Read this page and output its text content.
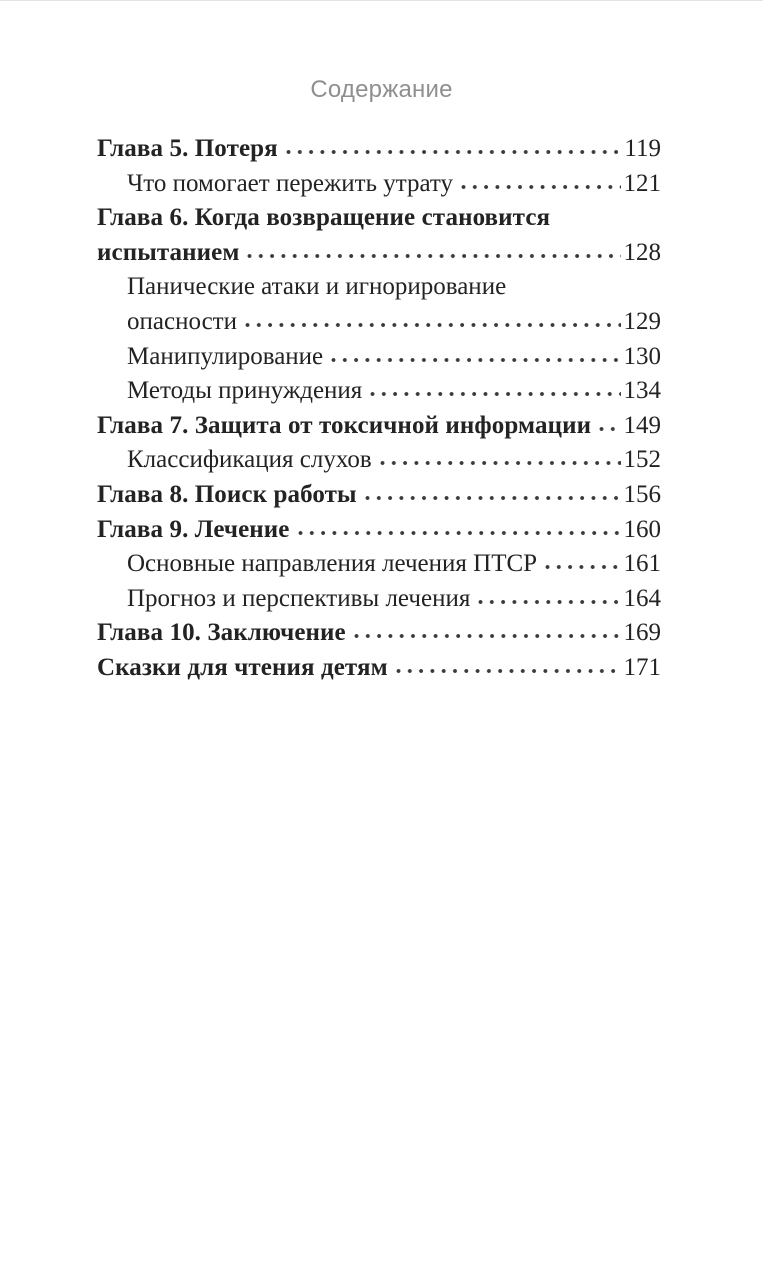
Содержание
Глава 5. Потеря	119
Что помогает пережить утрату	121
Глава 6. Когда возвращение становится
испытанием	128
Панические атаки и игнорирование
опасности	129
Манипулирование	130
Методы принуждения	134
Глава 7. Защита от токсичной информации 149
Классификация слухов	152
Глава 8. Поиск работы	156
Глава 9. Лечение	160
Основные направления лечения ПТСР	161
Прогноз и перспективы лечения	164
Глава 10. Заключение	169
Сказки для чтения детям	171
